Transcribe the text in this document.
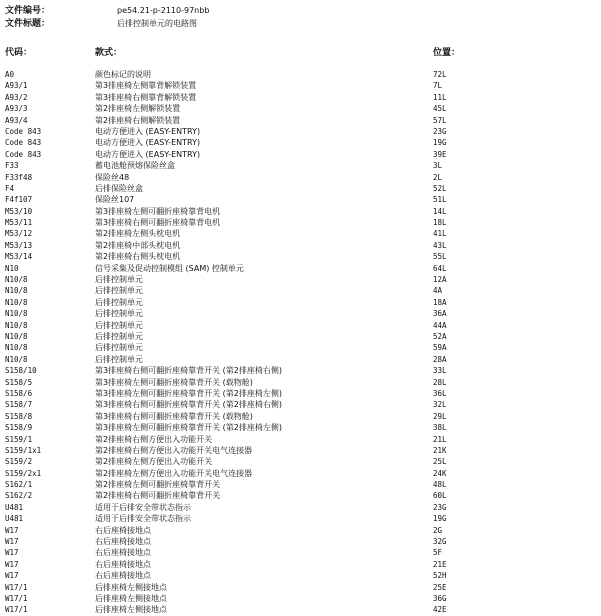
文件编号：	pe54.21-p-2110-97nbb
文件标题：	后排控制单元的电路图
代码：	款式：	位置：
A0	颜色标记的说明	72L
A93/1	第3排座椅左侧靠背解锁装置	7L
A93/2	第3排座椅右侧靠背解锁装置	11L
A93/3	第2排座椅左侧解锁装置	45L
A93/4	第2排座椅右侧解锁装置	57L
Code 843	电动方便进入 (EASY-ENTRY)	23G
Code 843	电动方便进入 (EASY-ENTRY)	19G
Code 843	电动方便进入 (EASY-ENTRY)	39E
F33	蓄电池舱预熔保险丝盒	3L
F33f48	保险丝48	2L
F4	后排保险丝盒	52L
F4f107	保险丝107	51L
M53/10	第3排座椅左侧可翻折座椅靠背电机	14L
M53/11	第3排座椅右侧可翻折座椅靠背电机	18L
M53/12	第2排座椅左侧头枕电机	41L
M53/13	第2排座椅中部头枕电机	43L
M53/14	第2排座椅右侧头枕电机	55L
N10	信号采集及促动控制模组 (SAM) 控制单元	64L
N10/8	后排控制单元	12A
N10/8	后排控制单元	4A
N10/8	后排控制单元	18A
N10/8	后排控制单元	36A
N10/8	后排控制单元	44A
N10/8	后排控制单元	52A
N10/8	后排控制单元	59A
N10/8	后排控制单元	28A
S158/10	第3排座椅右侧可翻折座椅靠背开关 (第2排座椅右侧)	33L
S158/5	第3排座椅左侧可翻折座椅靠背开关 (载物舱)	28L
S158/6	第3排座椅左侧可翻折座椅靠背开关 (第2排座椅左侧)	36L
S158/7	第3排座椅右侧可翻折座椅靠背开关 (第2排座椅右侧)	32L
S158/8	第3排座椅右侧可翻折座椅靠背开关 (载物舱)	29L
S158/9	第3排座椅左侧可翻折座椅靠背开关 (第2排座椅左侧)	38L
S159/1	第2排座椅右侧方便出入功能开关	21L
S159/1x1	第2排座椅右侧方便出入功能开关电气连接器	21K
S159/2	第2排座椅左侧方便出入功能开关	25L
S159/2x1	第2排座椅左侧方便出入功能开关电气连接器	24K
S162/1	第2排座椅左侧可翻折座椅靠背开关	48L
S162/2	第2排座椅右侧可翻折座椅靠背开关	60L
U481	适用于后排安全带状态指示	23G
U481	适用于后排安全带状态指示	19G
W17	右后座椅接地点	2G
W17	右后座椅接地点	32G
W17	右后座椅接地点	5F
W17	右后座椅接地点	21E
W17	右后座椅接地点	52H
W17/1	后排座椅左侧接地点	25E
W17/1	后排座椅左侧接地点	36G
W17/1	后排座椅左侧接地点	42E
